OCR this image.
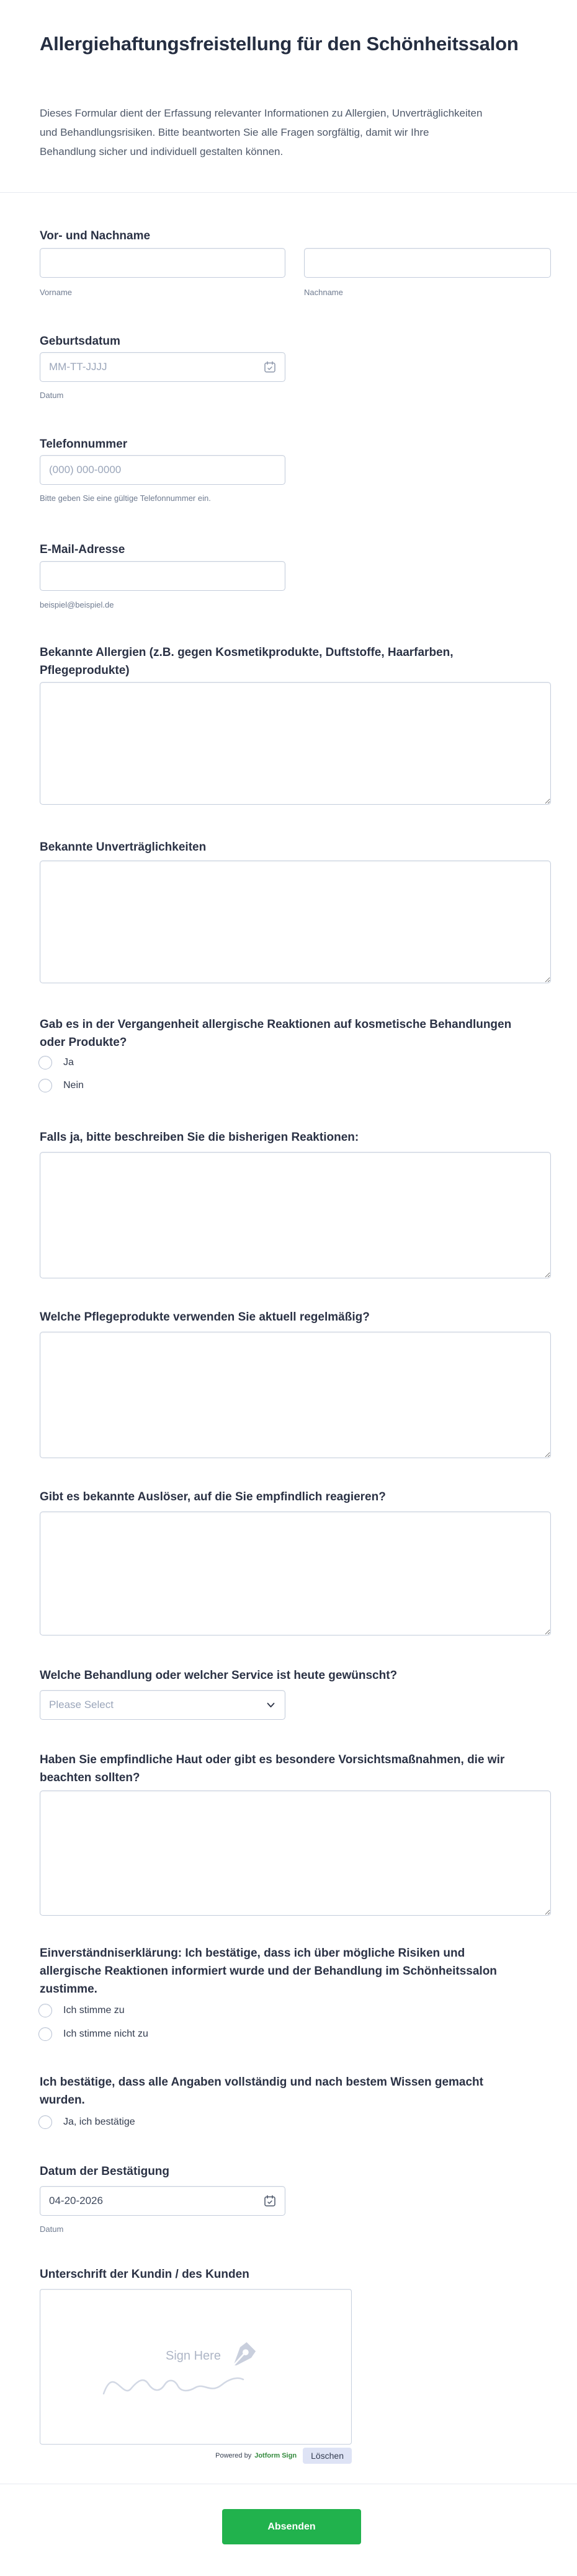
Allergiehaftungsfreistellung für den Schönheitssalon
Dieses Formular dient der Erfassung relevanter Informationen zu Allergien, Unverträglichkeiten und Behandlungsrisiken. Bitte beantworten Sie alle Fragen sorgfältig, damit wir Ihre Behandlung sicher und individuell gestalten können.
Vor- und Nachname
Vorname	Nachname
Geburtsdatum
MM-TT-JJJJ
Datum
Telefonnummer
(000) 000-0000
Bitte geben Sie eine gültige Telefonnummer ein.
E-Mail-Adresse
beispiel@beispiel.de
Bekannte Allergien (z.B. gegen Kosmetikprodukte, Duftstoffe, Haarfarben, Pflegeprodukte)
Bekannte Unverträglichkeiten
Gab es in der Vergangenheit allergische Reaktionen auf kosmetische Behandlungen oder Produkte?
Ja
Nein
Falls ja, bitte beschreiben Sie die bisherigen Reaktionen:
Welche Pflegeprodukte verwenden Sie aktuell regelmäßig?
Gibt es bekannte Auslöser, auf die Sie empfindlich reagieren?
Welche Behandlung oder welcher Service ist heute gewünscht?
Please Select
Haben Sie empfindliche Haut oder gibt es besondere Vorsichtsmaßnahmen, die wir beachten sollten?
Einverständniserklärung: Ich bestätige, dass ich über mögliche Risiken und allergische Reaktionen informiert wurde und der Behandlung im Schönheitssalon zustimme.
Ich stimme zu
Ich stimme nicht zu
Ich bestätige, dass alle Angaben vollständig und nach bestem Wissen gemacht wurden.
Ja, ich bestätige
Datum der Bestätigung
04-20-2026
Datum
Unterschrift der Kundin / des Kunden
Sign Here
Powered by Jotform Sign	Löschen
Absenden
